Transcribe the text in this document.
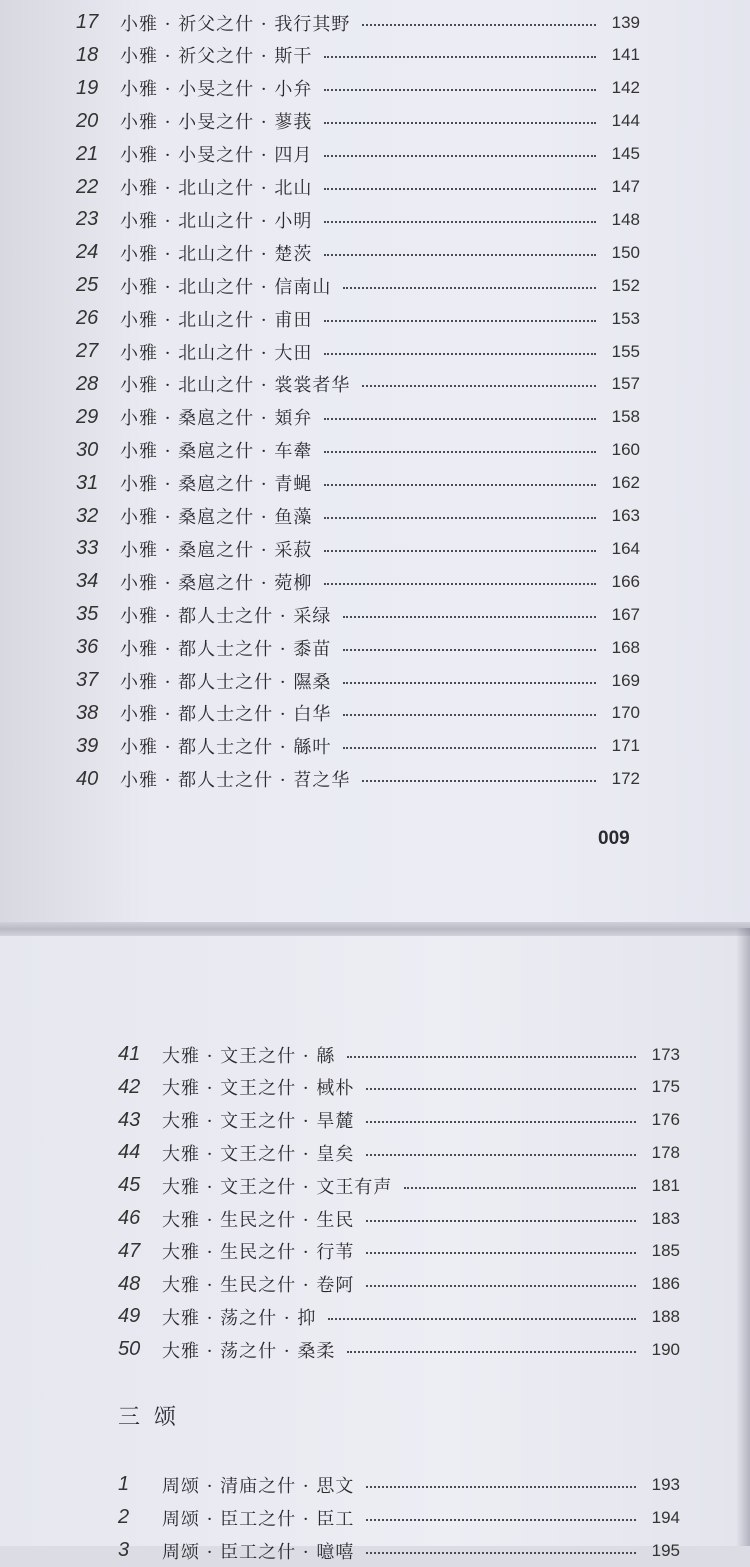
17	小雅 · 祈父之什 · 我行其野	139
18	小雅 · 祈父之什 · 斯干	141
19	小雅 · 小旻之什 · 小弁	142
20	小雅 · 小旻之什 · 蓼莪	144
21	小雅 · 小旻之什 · 四月	145
22	小雅 · 北山之什 · 北山	147
23	小雅 · 北山之什 · 小明	148
24	小雅 · 北山之什 · 楚茨	150
25	小雅 · 北山之什 · 信南山	152
26	小雅 · 北山之什 · 甫田	153
27	小雅 · 北山之什 · 大田	155
28	小雅 · 北山之什 · 裳裳者华	157
29	小雅 · 桑扈之什 · 頍弁	158
30	小雅 · 桑扈之什 · 车舝	160
31	小雅 · 桑扈之什 · 青蝇	162
32	小雅 · 桑扈之什 · 鱼藻	163
33	小雅 · 桑扈之什 · 采菽	164
34	小雅 · 桑扈之什 · 菀柳	166
35	小雅 · 都人士之什 · 采绿	167
36	小雅 · 都人士之什 · 黍苗	168
37	小雅 · 都人士之什 · 隰桑	169
38	小雅 · 都人士之什 · 白华	170
39	小雅 · 都人士之什 · 緜叶	171
40	小雅 · 都人士之什 · 苕之华	172
009
41	大雅 · 文王之什 · 緜	173
42	大雅 · 文王之什 · 棫朴	175
43	大雅 · 文王之什 · 旱麓	176
44	大雅 · 文王之什 · 皇矣	178
45	大雅 · 文王之什 · 文王有声	181
46	大雅 · 生民之什 · 生民	183
47	大雅 · 生民之什 · 行苇	185
48	大雅 · 生民之什 · 卷阿	186
49	大雅 · 荡之什 · 抑	188
50	大雅 · 荡之什 · 桑柔	190
三颂
1	周颂 · 清庙之什 · 思文	193
2	周颂 · 臣工之什 · 臣工	194
3	周颂 · 臣工之什 · 噫嘻	195
